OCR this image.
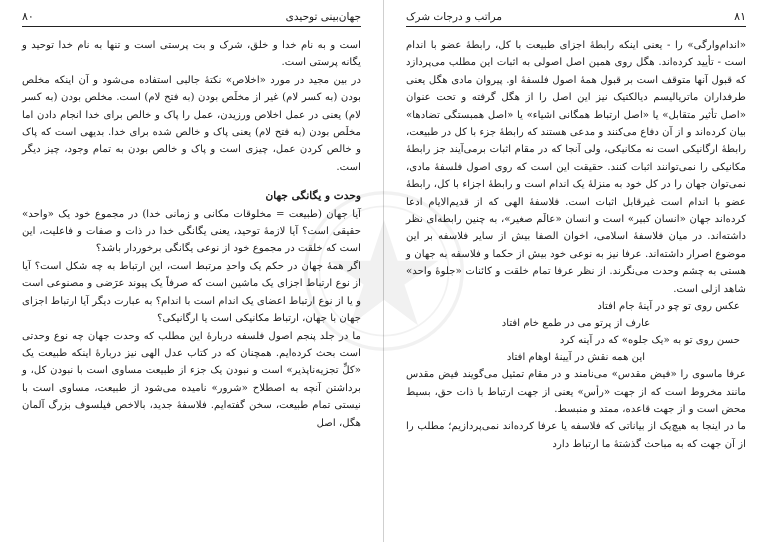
۸۰	جهان‌بینی توحیدی

است و به نام خدا و خلق، شرک و بت پرستی است و تنها به نام خدا توحید و یگانه پرستی است.

در بین مجید در مورد «اخلاص» نکتهٔ جالبی استفاده می‌شود و آن اینکه مخلص بودن (به کسر لام) غیر از مخلَص بودن (به فتح لام) است. مخلص بودن (به کسر لام) یعنی در عمل اخلاص ورزیدن، عمل را پاک و خالص برای خدا انجام دادن اما مخلَص بودن (به فتح لام) یعنی پاک و خالص شده برای خدا. بدیهی است که پاک و خالص کردن عمل، چیزی است و پاک و خالص بودن به تمام وجود، چیز دیگر است.

وحدت و یگانگی جهان

آیا جهان (طبیعت = مخلوقات مکانی و زمانی خدا) در مجموع خود یک «واحد» حقیقی است؟ آیا لازمهٔ توحید، یعنی یگانگی خدا در ذات و صفات و فاعلیت، این است که خلقت در مجموع خود از نوعی یگانگی برخوردار باشد؟

اگر همهٔ جهان در حکم یک واحدِ مرتبط است، این ارتباط به چه شکل است؟ آیا از نوع ارتباط اجزای یک ماشین است که صرفاً یک پیوند عرَضی و مصنوعی است و یا از نوع ارتباط اعضای یک اندام است با اندام؟ به عبارت دیگر آیا ارتباط اجزای جهان با جهان، ارتباط مکانیکی است یا ارگانیکی؟

ما در جلد پنجم اصول فلسفه دربارهٔ این مطلب که وحدت جهان چه نوع وحدتی است بحث کرده‌ایم. همچنان که در کتاب عدل الهی نیز دربارهٔ اینکه طبیعت یک «کلِّ تجزیه‌ناپذیر» است و نبودن یک جزء از طبیعت مساوی است با نبودن کل، و برداشتن آنچه به اصطلاح «شرور» نامیده می‌شود از طبیعت، مساوی است با نیستی تمام طبیعت، سخن گفته‌ایم. فلاسفهٔ جدید، بالاخص فیلسوف بزرگ آلمان هگل، اصل

مراتب و درجات شرک	۸۱

«اندام‌وارگی» را - یعنی اینکه رابطهٔ اجزای طبیعت با کل، رابطهٔ عضو با اندام است - تأیید کرده‌اند. هگل روی همین اصل اصولی به اثبات این مطلب می‌پردازد که قبول آنها متوقف است بر قبول همهٔ اصول فلسفهٔ او. پیروان مادی هگل یعنی طرفداران ماتریالیسم دیالکتیک نیز این اصل را از هگل گرفته و تحت عنوان «اصل تأثیر متقابل» یا «اصل ارتباط همگانی اشیاء» یا «اصل همبستگی تضادها» بیان کرده‌اند و از آن دفاع می‌کنند و مدعی هستند که رابطهٔ جزء با کل در طبیعت، رابطهٔ ارگانیکی است نه مکانیکی، ولی آنجا که در مقام اثبات برمی‌آیند جز رابطهٔ مکانیکی را نمی‌توانند اثبات کنند. حقیقت این است که روی اصول فلسفهٔ مادی، نمی‌توان جهان را در کل خود به منزلهٔ یک اندام است و رابطهٔ اجزاء با کل، رابطهٔ عضو با اندام است غیرقابل اثبات است. فلاسفهٔ الهی که از قدیم‌الایام ادعا کرده‌اند جهان «انسان کبیر» است و انسان «عالَم صغیر»، به چنین رابطه‌ای نظر داشته‌اند. در میان فلاسفهٔ اسلامی، اخوان الصفا بیش از سایر فلاسفه بر این موضوع اصرار داشته‌اند. عرفا نیز به نوعی خود بیش از حکما و فلاسفه به جهان و هستی به چشم وحدت می‌نگرند. از نظر عرفا تمام خلقت و کائنات «جلوهٔ واحد» شاهد ازلی است.

عکس روی تو چو در آینهٔ جام افتاد

عارف از پرتو می در طمع خام افتاد

حسن روی تو به «یک جلوه» که در آینه کرد

این همه نقش در آیینهٔ اوهام افتاد

عرفا ماسوی را «فیض مقدس» می‌نامند و در مقام تمثیل می‌گویند فیض مقدس مانند مخروط است که از جهت «رأس» یعنی از جهت ارتباط با ذات حق، بسیط محض است و از جهت قاعده، ممتد و منبسط.

ما در اینجا به هیچ‌یک از بیاناتی که فلاسفه یا عرفا کرده‌اند نمی‌پردازیم؛ مطلب را از آن جهت که به مباحث گذشتهٔ ما ارتباط دارد
